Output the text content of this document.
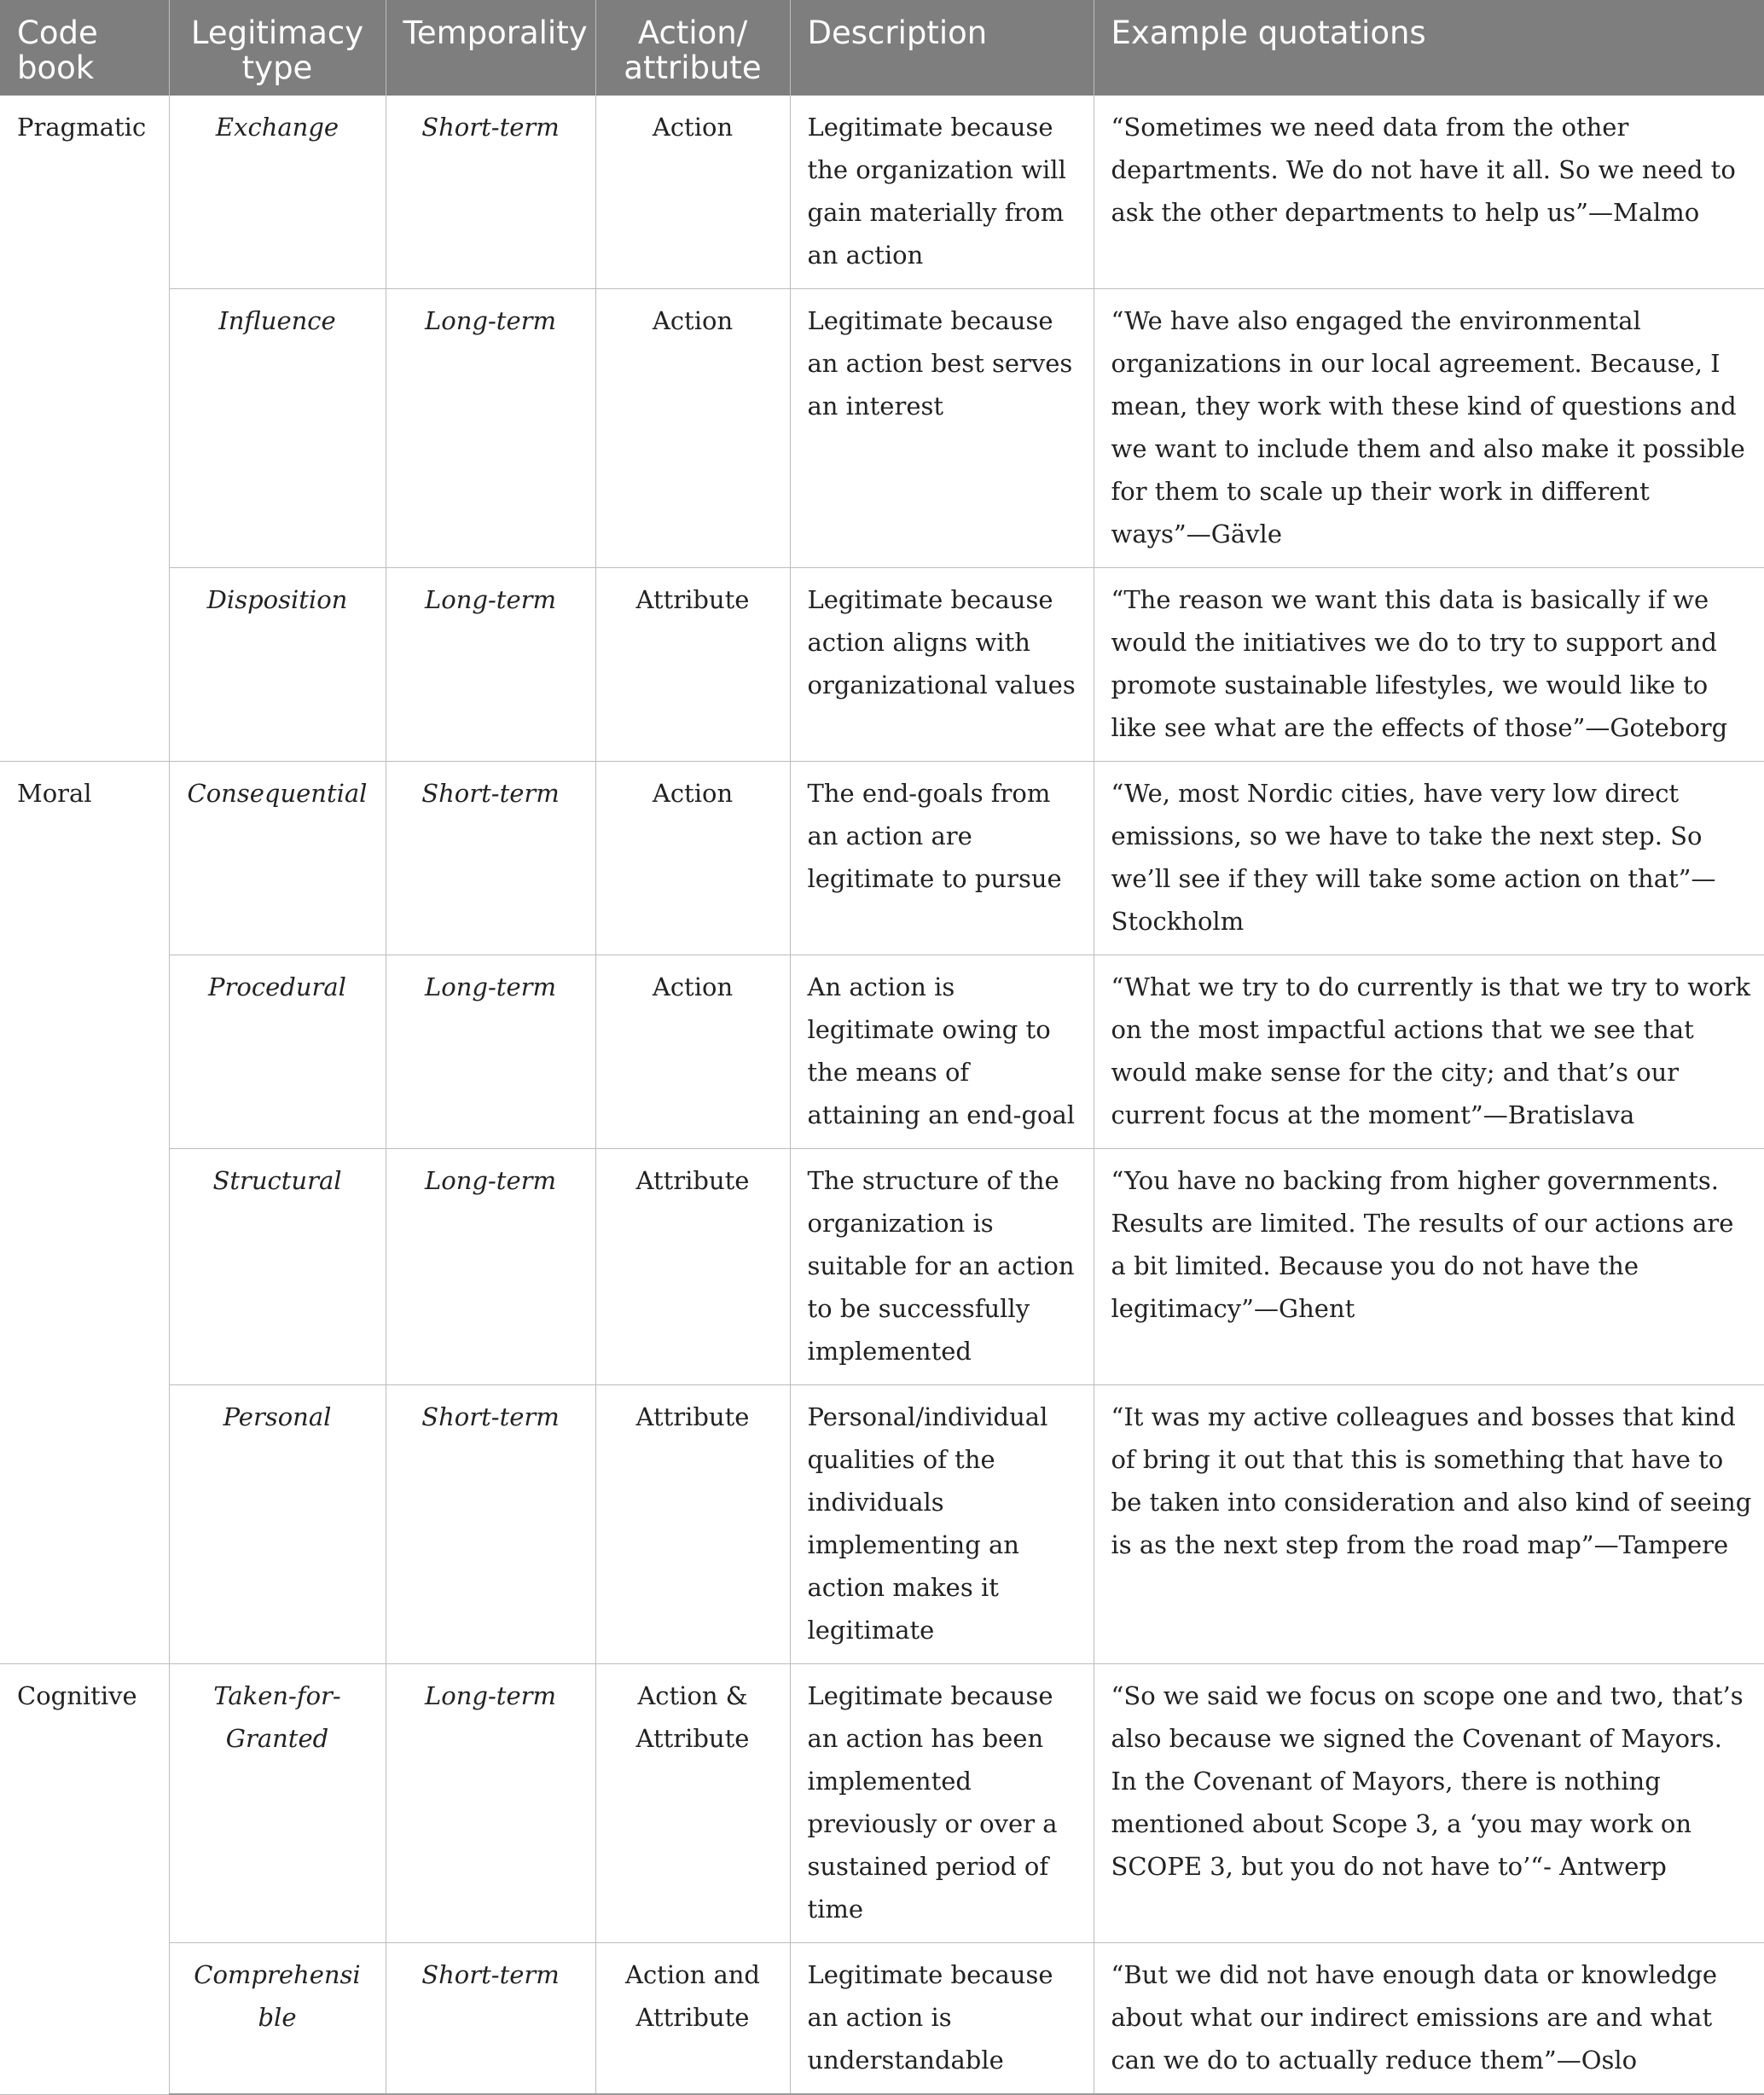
Code book	Legitimacy type	Temporality	Action/ attribute	Description	Example quotations
Pragmatic	Exchange	Short-term	Action	Legitimate because the organization will gain materially from an action	“Sometimes we need data from the other departments. We do not have it all. So we need to ask the other departments to help us”—Malmo
	Influence	Long-term	Action	Legitimate because an action best serves an interest	“We have also engaged the environmental organizations in our local agreement. Because, I mean, they work with these kind of questions and we want to include them and also make it possible for them to scale up their work in different ways”—Gävle
	Disposition	Long-term	Attribute	Legitimate because action aligns with organizational values	“The reason we want this data is basically if we would the initiatives we do to try to support and promote sustainable lifestyles, we would like to like see what are the effects of those”—Goteborg
Moral	Consequential	Short-term	Action	The end-goals from an action are legitimate to pursue	“We, most Nordic cities, have very low direct emissions, so we have to take the next step. So we’ll see if they will take some action on that”—Stockholm
	Procedural	Long-term	Action	An action is legitimate owing to the means of attaining an end-goal	“What we try to do currently is that we try to work on the most impactful actions that we see that would make sense for the city; and that’s our current focus at the moment”—Bratislava
	Structural	Long-term	Attribute	The structure of the organization is suitable for an action to be successfully implemented	“You have no backing from higher governments. Results are limited. The results of our actions are a bit limited. Because you do not have the legitimacy”—Ghent
	Personal	Short-term	Attribute	Personal/individual qualities of the individuals implementing an action makes it legitimate	“It was my active colleagues and bosses that kind of bring it out that this is something that have to be taken into consideration and also kind of seeing is as the next step from the road map”—Tampere
Cognitive	Taken-for-Granted	Long-term	Action & Attribute	Legitimate because an action has been implemented previously or over a sustained period of time	“So we said we focus on scope one and two, that’s also because we signed the Covenant of Mayors. In the Covenant of Mayors, there is nothing mentioned about Scope 3, a ‘you may work on SCOPE 3, but you do not have to’“- Antwerp
	Comprehensible	Short-term	Action and Attribute	Legitimate because an action is understandable	“But we did not have enough data or knowledge about what our indirect emissions are and what can we do to actually reduce them”—Oslo
